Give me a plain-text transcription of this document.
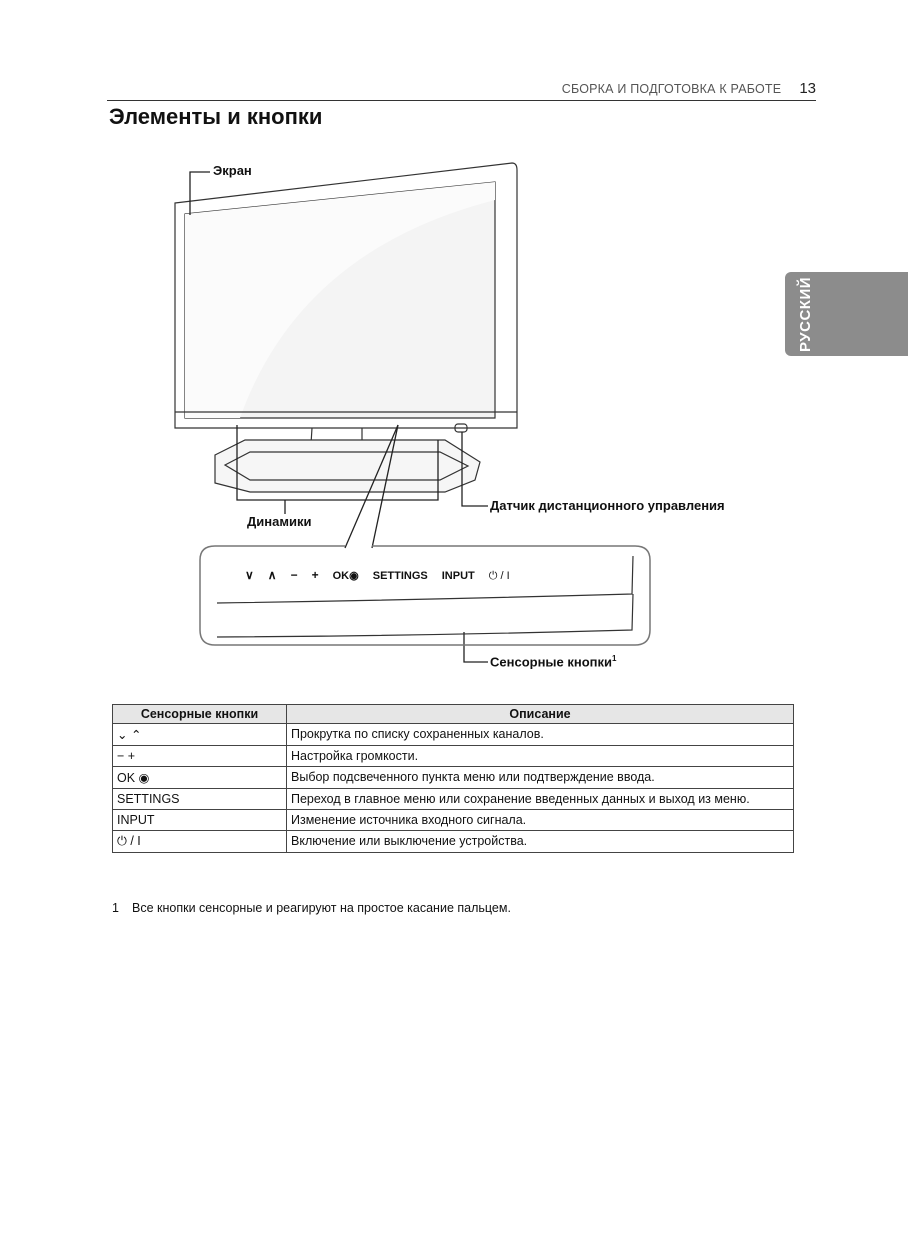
СБОРКА И ПОДГОТОВКА К РАБОТЕ 13
Элементы и кнопки
РУССКИЙ
Экран
Динамики
Датчик дистанционного управления
Сенсорные кнопки$^1$
∨ ∧ − + OK◉ SETTINGS INPUT ⏻ / I
Сенсорные кнопки	Описание
⌄ ⌃	Прокрутка по списку сохраненных каналов.
− +	Настройка громкости.
OK ◉	Выбор подсвеченного пункта меню или подтверждение ввода.
SETTINGS	Переход в главное меню или сохранение введенных данных и выход из меню.
INPUT	Изменение источника входного сигнала.
⏻ / I	Включение или выключение устройства.
1 Все кнопки сенсорные и реагируют на простое касание пальцем.
